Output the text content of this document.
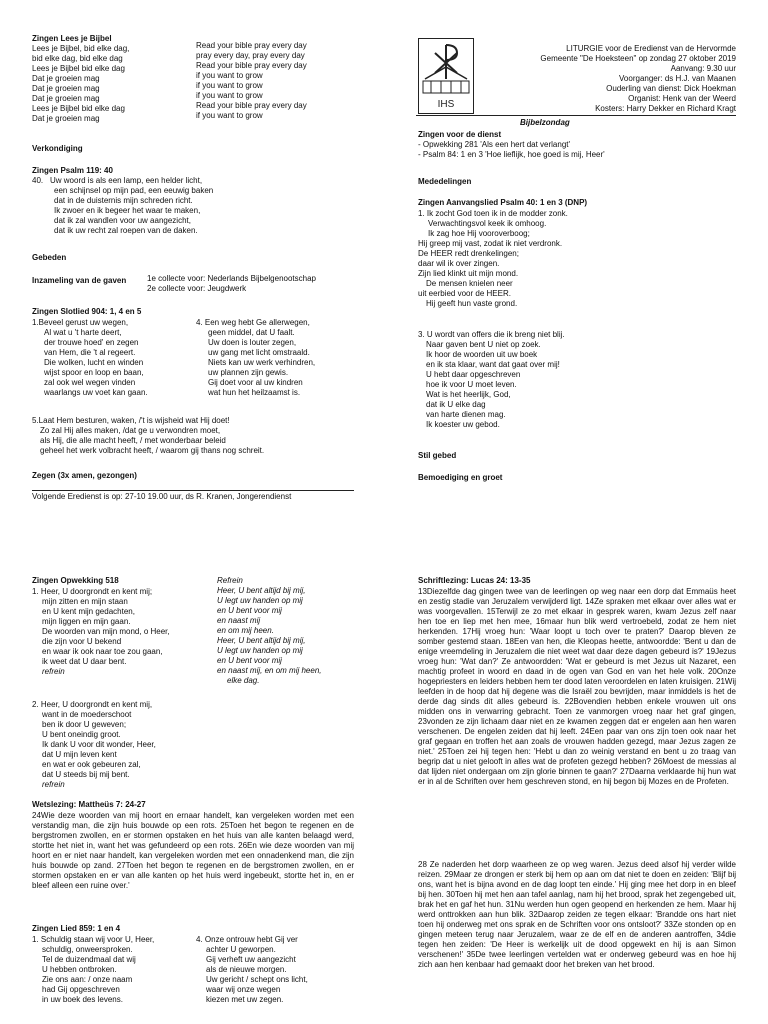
Zingen Lees je Bijbel
Lees je Bijbel, bid elke dag,
bid elke dag, bid elke dag
Lees je Bijbel bid elke dag
Dat je groeien mag
Dat je groeien mag
Dat je groeien mag
Lees je Bijbel bid elke dag
Dat je groeien mag
Read your bible pray every day
pray every day, pray every day
Read your bible pray every day
if you want to grow
if you want to grow
if you want to grow
Read your bible pray every day
if you want to grow
Verkondiging
Zingen Psalm 119: 40
40. Uw woord is als een lamp, een helder licht,
een schijnsel op mijn pad, een eeuwig baken
dat in de duisternis mijn schreden richt.
Ik zwoer en ik begeer het waar te maken,
dat ik zal wandlen voor uw aangezicht,
dat ik uw recht zal roepen van de daken.
Gebeden
Inzameling van de gaven	1e collecte voor: Nederlands Bijbelgenootschap
2e collecte voor: Jeugdwerk
Zingen Slotlied 904: 1, 4 en 5
1.Beveel gerust uw wegen,
Al wat u 't harte deert,
der trouwe hoed' en zegen
van Hem, die 't al regeert.
Die wolken, lucht en winden
wijst spoor en loop en baan,
zal ook wel wegen vinden
waarlangs uw voet kan gaan.
4. Een weg hebt Ge allerwegen,
geen middel, dat U faalt.
Uw doen is louter zegen,
uw gang met licht omstraald.
Niets kan uw werk verhindren,
uw plannen zijn gewis.
Gij doet voor al uw kindren
wat hun het heilzaamst is.
5.Laat Hem besturen, waken, /'t is wijsheid wat Hij doet!
Zo zal Hij alles maken, /dat ge u verwondren moet,
als Hij, die alle macht heeft, / met wonderbaar beleid
geheel het werk volbracht heeft, / waarom gij thans nog schreit.
Zegen (3x amen, gezongen)
Volgende Eredienst is op: 27-10 19.00 uur, ds R. Kranen, Jongerendienst
IHS
LITURGIE voor de Eredienst van de Hervormde
Gemeente "De Hoeksteen" op zondag 27 oktober 2019
Aanvang: 9.30 uur
Voorganger: ds H.J. van Maanen
Ouderling van dienst: Dick Hoekman
Organist: Henk van der Weerd
Kosters: Harry Dekker en Richard Kragt
Bijbelzondag
Zingen voor de dienst
- Opwekking 281 'Als een hert dat verlangt'
- Psalm 84: 1 en 3 'Hoe lieflijk, hoe goed is mij, Heer'
Mededelingen
Zingen Aanvangslied Psalm 40: 1 en 3 (DNP)
1. Ik zocht God toen ik in de modder zonk.
Verwachtingsvol keek ik omhoog.
Ik zag hoe Hij vooroverboog;
Hij greep mij vast, zodat ik niet verdronk.
De HEER redt drenkelingen;
daar wil ik over zingen.
Zijn lied klinkt uit mijn mond.
De mensen knielen neer
uit eerbied voor de HEER.
Hij geeft hun vaste grond.
3. U wordt van offers die ik breng niet blij.
Naar gaven bent U niet op zoek.
Ik hoor de woorden uit uw boek
en ik sta klaar, want dat gaat over mij!
U hebt daar opgeschreven
hoe ik voor U moet leven.
Wat is het heerlijk, God,
dat ik U elke dag
van harte dienen mag.
Ik koester uw gebod.
Stil gebed
Bemoediging en groet
Zingen Opwekking 518
1. Heer, U doorgrondt en kent mij;
mijn zitten en mijn staan
en U kent mijn gedachten,
mijn liggen en mijn gaan.
De woorden van mijn mond, o Heer,
die zijn voor U bekend
en waar ik ook naar toe zou gaan,
ik weet dat U daar bent.
refrein
Refrein
Heer, U bent altijd bij mij,
U legt uw handen op mij
en U bent voor mij
en naast mij
en om mij heen.
Heer, U bent altijd bij mij,
U legt uw handen op mij
en U bent voor mij
en naast mij, en om mij heen,
elke dag.
2. Heer, U doorgrondt en kent mij,
want in de moederschoot
ben ik door U geweven;
U bent oneindig groot.
Ik dank U voor dit wonder, Heer,
dat U mijn leven kent
en wat er ook gebeuren zal,
dat U steeds bij mij bent.
refrein
Wetslezing: Mattheüs 7: 24-27
24Wie deze woorden van mij hoort en ernaar handelt, kan vergeleken worden met een verstandig man, die zijn huis bouwde op een rots. 25Toen het begon te regenen en de bergstromen zwollen, en er stormen opstaken en het huis van alle kanten belaagd werd, stortte het niet in, want het was gefundeerd op een rots. 26En wie deze woorden van mij hoort en er niet naar handelt, kan vergeleken worden met een onnadenkend man, die zijn huis bouwde op zand. 27Toen het begon te regenen en de bergstromen zwollen, en er stormen opstaken en er van alle kanten op het huis werd ingebeukt, stortte het in, en er bleef alleen een ruine over.'
Zingen Lied 859: 1 en 4
1. Schuldig staan wij voor U, Heer,
schuldig, onweersproken.
Tel de duizendmaal dat wij
U hebben ontbroken.
Zie ons aan: / onze naam
had Gij opgeschreven
in uw boek des levens.
4. Onze ontrouw hebt Gij ver
achter U geworpen.
Gij verheft uw aangezicht
als de nieuwe morgen.
Uw gericht / schept ons licht,
waar wij onze wegen
kiezen met uw zegen.
Schriftlezing: Lucas 24: 13-35
13Diezelfde dag gingen twee van de leerlingen op weg naar een dorp dat Emmaüs heet en zestig stadie van Jeruzalem verwijderd ligt. 14Ze spraken met elkaar over alles wat er was voorgevallen. 15Terwijl ze zo met elkaar in gesprek waren, kwam Jezus zelf naar hen toe en liep met hen mee, 16maar hun blik werd vertroebeld, zodat ze hem niet herkenden. 17Hij vroeg hun: 'Waar loopt u toch over te praten?' Daarop bleven ze somber gestemd staan. 18Een van hen, die Kleopas heette, antwoordde: 'Bent u dan de enige vreemdeling in Jeruzalem die niet weet wat daar deze dagen gebeurd is?' 19Jezus vroeg hun: 'Wat dan?' Ze antwoordden: 'Wat er gebeurd is met Jezus uit Nazaret, een machtig profeet in woord en daad in de ogen van God en van het hele volk. 20Onze hogepriesters en leiders hebben hem ter dood laten veroordelen en laten kruisigen. 21Wij leefden in de hoop dat hij degene was die Israël zou bevrijden, maar inmiddels is het de derde dag sinds dit alles gebeurd is. 22Bovendien hebben enkele vrouwen uit ons midden ons in verwarring gebracht. Toen ze vanmorgen vroeg naar het graf gingen, 23vonden ze zijn lichaam daar niet en ze kwamen zeggen dat er engelen aan hen waren verschenen. De engelen zeiden dat hij leeft. 24Een paar van ons zijn toen ook naar het graf gegaan en troffen het aan zoals de vrouwen hadden gezegd, maar Jezus zagen ze niet.' 25Toen zei hij tegen hen: 'Hebt u dan zo weinig verstand en bent u zo traag van begrip dat u niet gelooft in alles wat de profeten gezegd hebben? 26Moest de messias al dat lijden niet ondergaan om zijn glorie binnen te gaan?' 27Daarna verklaarde hij hun wat er in al de Schriften over hem geschreven stond, en hij begon bij Mozes en de Profeten.
28 Ze naderden het dorp waarheen ze op weg waren. Jezus deed alsof hij verder wilde reizen. 29Maar ze drongen er sterk bij hem op aan om dat niet te doen en zeiden: 'Blijf bij ons, want het is bijna avond en de dag loopt ten einde.' Hij ging mee het dorp in en bleef bij hen. 30Toen hij met hen aan tafel aanlag, nam hij het brood, sprak het zegengebed uit, brak het en gaf het hun. 31Nu werden hun ogen geopend en herkenden ze hem. Maar hij werd onttrokken aan hun blik. 32Daarop zeiden ze tegen elkaar: 'Brandde ons hart niet toen hij onderweg met ons sprak en de Schriften voor ons ontsloot?' 33Ze stonden op en gingen meteen terug naar Jeruzalem, waar ze de elf en de anderen aantroffen, 34die tegen hen zeiden: 'De Heer is werkelijk uit de dood opgewekt en hij is aan Simon verschenen!' 35De twee leerlingen vertelden wat er onderweg gebeurd was en hoe hij zich aan hen kenbaar had gemaakt door het breken van het brood.
